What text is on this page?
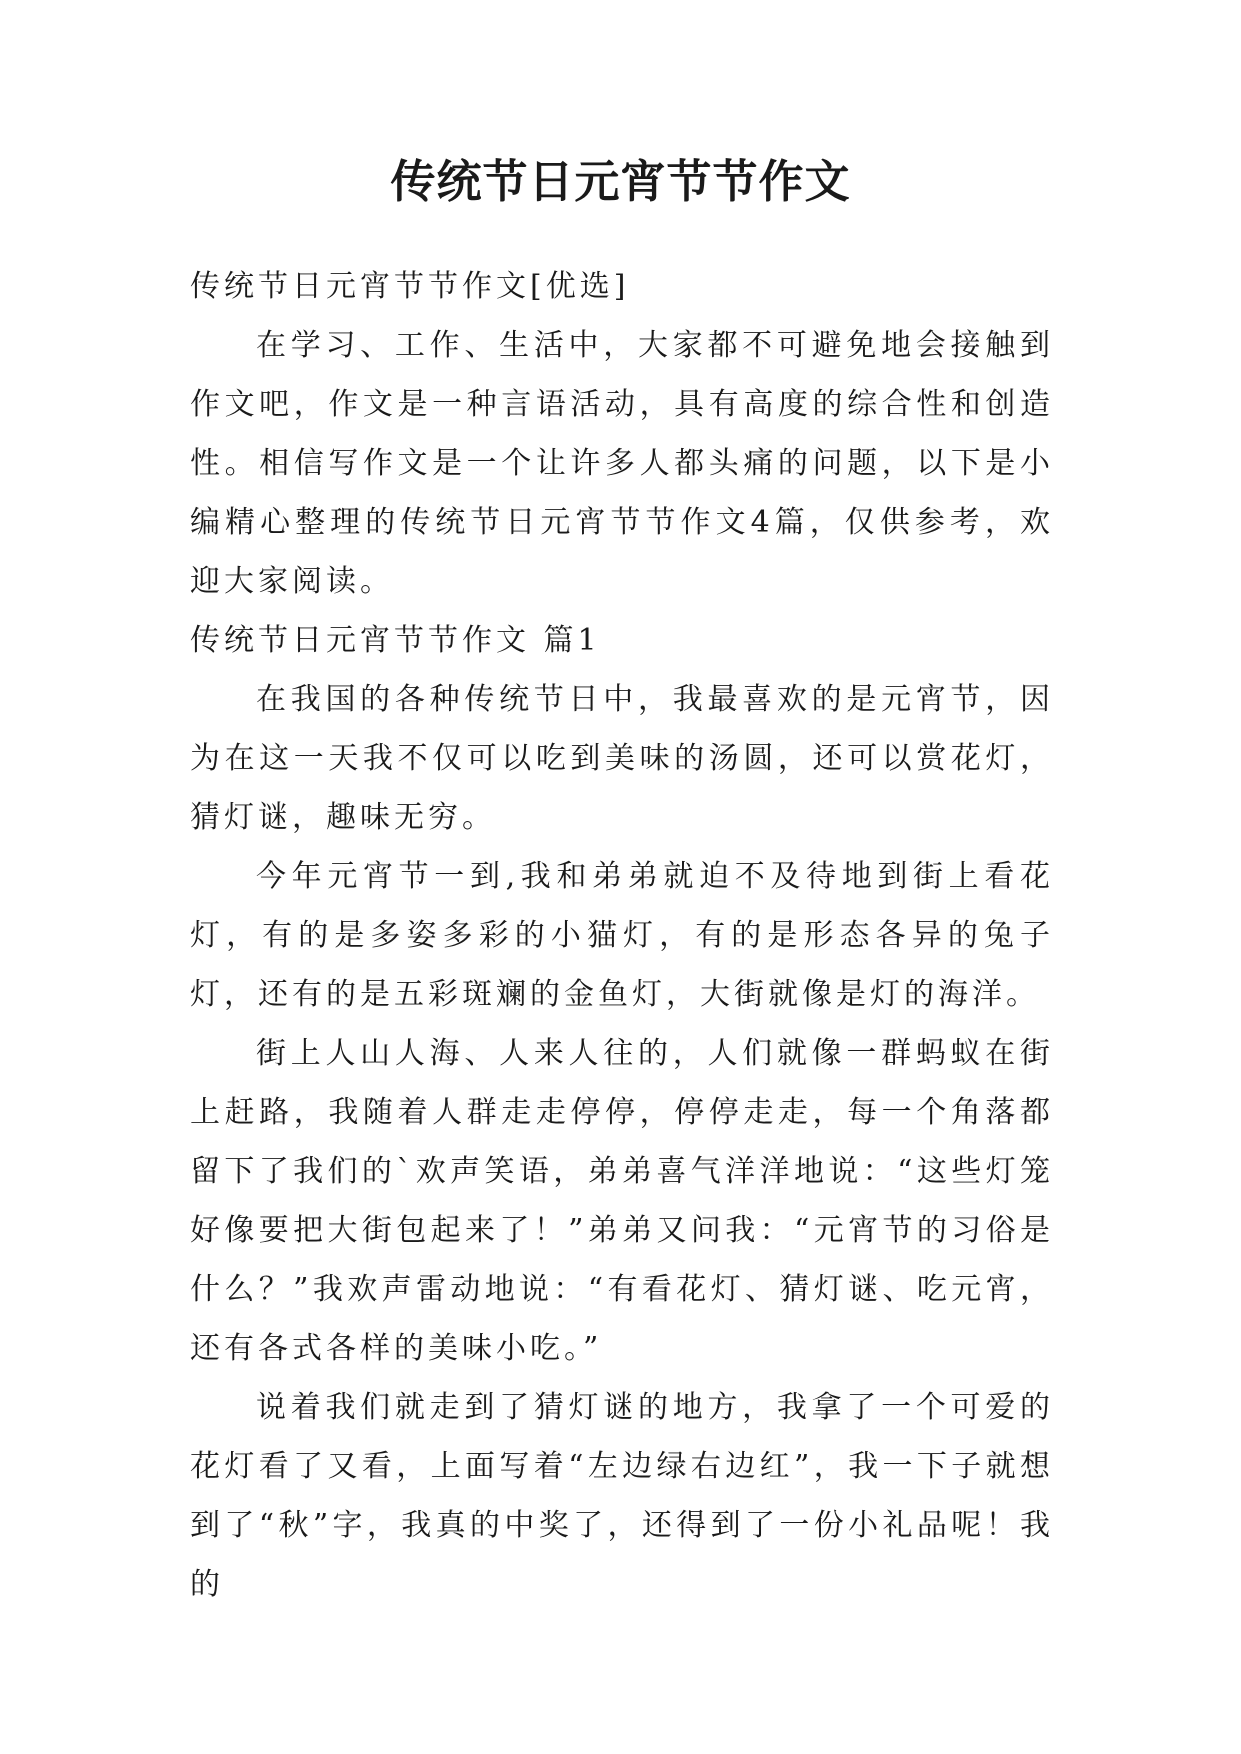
传统节日元宵节节作文

传统节日元宵节节作文[优选]

在学习、工作、生活中，大家都不可避免地会接触到作文吧，作文是一种言语活动，具有高度的综合性和创造性。相信写作文是一个让许多人都头痛的问题，以下是小编精心整理的传统节日元宵节节作文4篇，仅供参考，欢迎大家阅读。

传统节日元宵节节作文 篇1

在我国的各种传统节日中，我最喜欢的是元宵节，因为在这一天我不仅可以吃到美味的汤圆，还可以赏花灯，猜灯谜，趣味无穷。

今年元宵节一到,我和弟弟就迫不及待地到街上看花灯，有的是多姿多彩的小猫灯，有的是形态各异的兔子灯，还有的是五彩斑斓的金鱼灯，大街就像是灯的海洋。

街上人山人海、人来人往的，人们就像一群蚂蚁在街上赶路，我随着人群走走停停，停停走走，每一个角落都留下了我们的`欢声笑语，弟弟喜气洋洋地说：“这些灯笼好像要把大街包起来了！”弟弟又问我：“元宵节的习俗是什么？”我欢声雷动地说：“有看花灯、猜灯谜、吃元宵，还有各式各样的美味小吃。”

说着我们就走到了猜灯谜的地方，我拿了一个可爱的花灯看了又看，上面写着“左边绿右边红”，我一下子就想到了“秋”字，我真的中奖了，还得到了一份小礼品呢！我的
